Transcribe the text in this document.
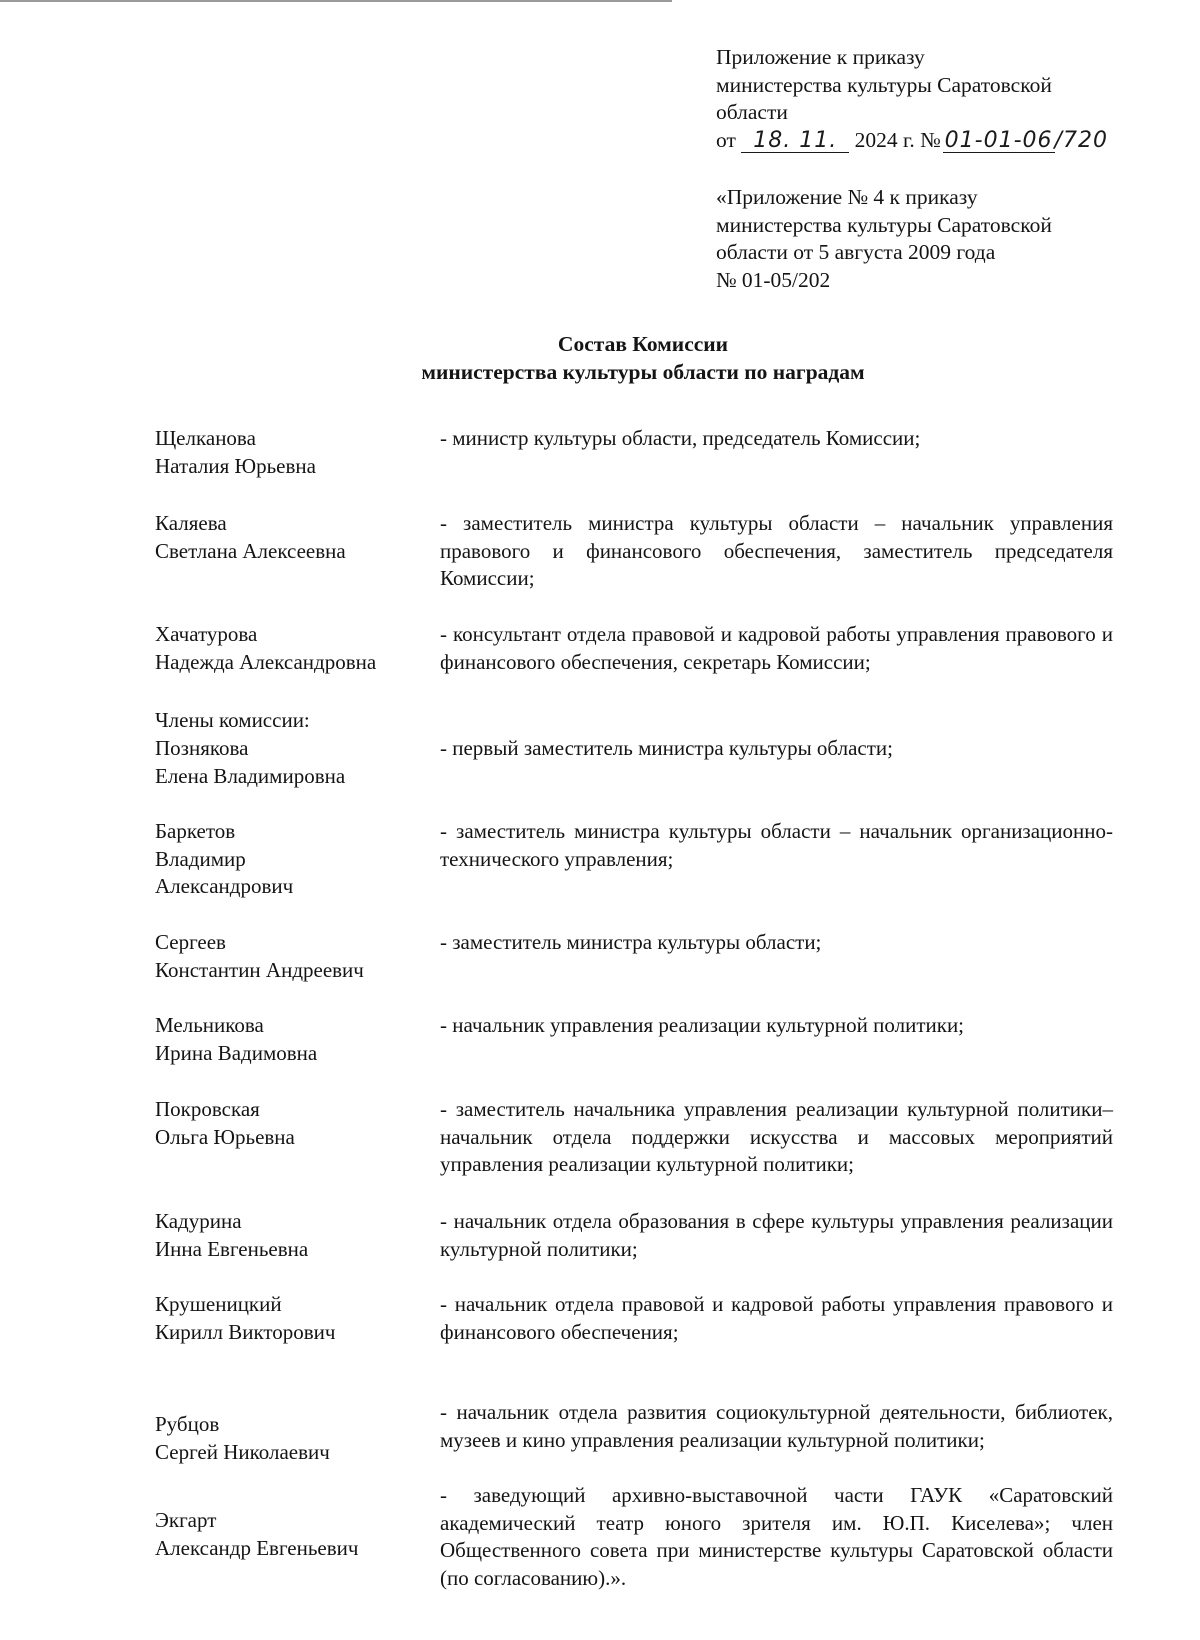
Приложение к приказу
министерства культуры Саратовской
области
от 18. 11. 2024 г. № 01-01-06/720
«Приложение № 4 к приказу
министерства культуры Саратовской
области от 5 августа 2009 года
№ 01-05/202
Состав Комиссии
министерства культуры области по наградам
Щелканова
Наталия Юрьевна
- министр культуры области, председатель Комиссии;
Каляева
Светлана Алексеевна
- заместитель министра культуры области – начальник управления правового и финансового обеспечения, заместитель председателя Комиссии;
Хачатурова
Надежда Александровна
- консультант отдела правовой и кадровой работы управления правового и финансового обеспечения, секретарь Комиссии;
Члены комиссии:
Познякова
Елена Владимировна
- первый заместитель министра культуры области;
Баркетов
Владимир
Александрович
- заместитель министра культуры области – начальник организационно-технического управления;
Сергеев
Константин Андреевич
- заместитель министра культуры области;
Мельникова
Ирина Вадимовна
- начальник управления реализации культурной политики;
Покровская
Ольга Юрьевна
- заместитель начальника управления реализации культурной политики– начальник отдела поддержки искусства и массовых мероприятий управления реализации культурной политики;
Кадурина
Инна Евгеньевна
- начальник отдела образования в сфере культуры управления реализации культурной политики;
Крушеницкий
Кирилл Викторович
- начальник отдела правовой и кадровой работы управления правового и финансового обеспечения;
Рубцов
Сергей Николаевич
- начальник отдела развития социокультурной деятельности, библиотек, музеев и кино управления реализации культурной политики;
Экгарт
Александр Евгеньевич
- заведующий архивно-выставочной части ГАУК «Саратовский академический театр юного зрителя им. Ю.П. Киселева»; член Общественного совета при министерстве культуры Саратовской области (по согласованию).».
